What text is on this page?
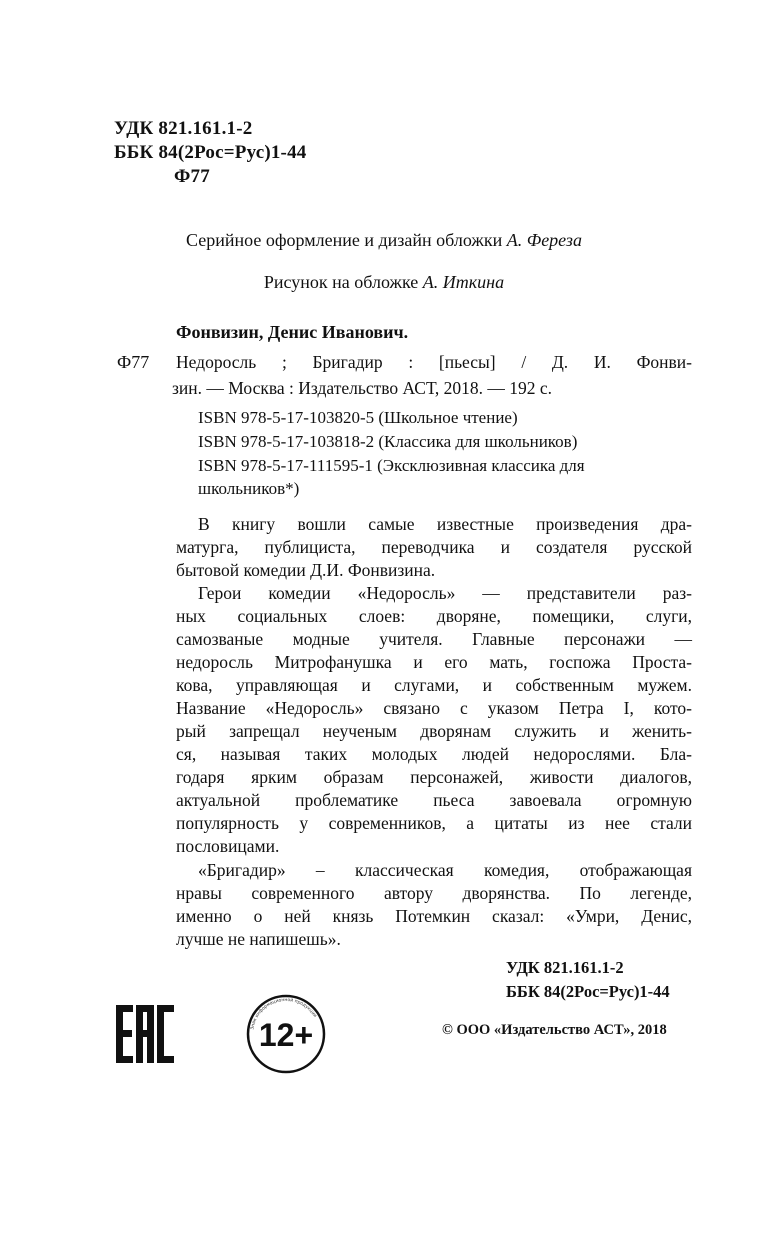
УДК 821.161.1-2
ББК 84(2Рос=Рус)1-44
Ф77
Серийное оформление и дизайн обложки А. Фереза
Рисунок на обложке А. Иткина
Фонвизин, Денис Иванович.
Ф77 Недоросль ; Бригадир : [пьесы] / Д. И. Фонви-
зин. — Москва : Издательство АСТ, 2018. — 192 с.
ISBN 978-5-17-103820-5 (Школьное чтение)
ISBN 978-5-17-103818-2 (Классика для школьников)
ISBN 978-5-17-111595-1 (Эксклюзивная классика для
школьников*)
В книгу вошли самые известные произведения дра-
матурга, публициста, переводчика и создателя русской
бытовой комедии Д.И. Фонвизина.
Герои комедии «Недоросль» — представители раз-
ных социальных слоев: дворяне, помещики, слуги,
самозваные модные учителя. Главные персонажи —
недоросль Митрофанушка и его мать, госпожа Проста-
кова, управляющая и слугами, и собственным мужем.
Название «Недоросль» связано с указом Петра I, кото-
рый запрещал неученым дворянам служить и женить-
ся, называя таких молодых людей недорослями. Бла-
годаря ярким образам персонажей, живости диалогов,
актуальной проблематике пьеса завоевала огромную
популярность у современников, а цитаты из нее стали
пословицами.
«Бригадир» – классическая комедия, отображающая
нравы современного автору дворянства. По легенде,
именно о ней князь Потемкин сказал: «Умри, Денис,
лучше не напишешь».
УДК 821.161.1-2
ББК 84(2Рос=Рус)1-44
Знак информационной продукции
12+	© ООО «Издательство АСТ», 2018
